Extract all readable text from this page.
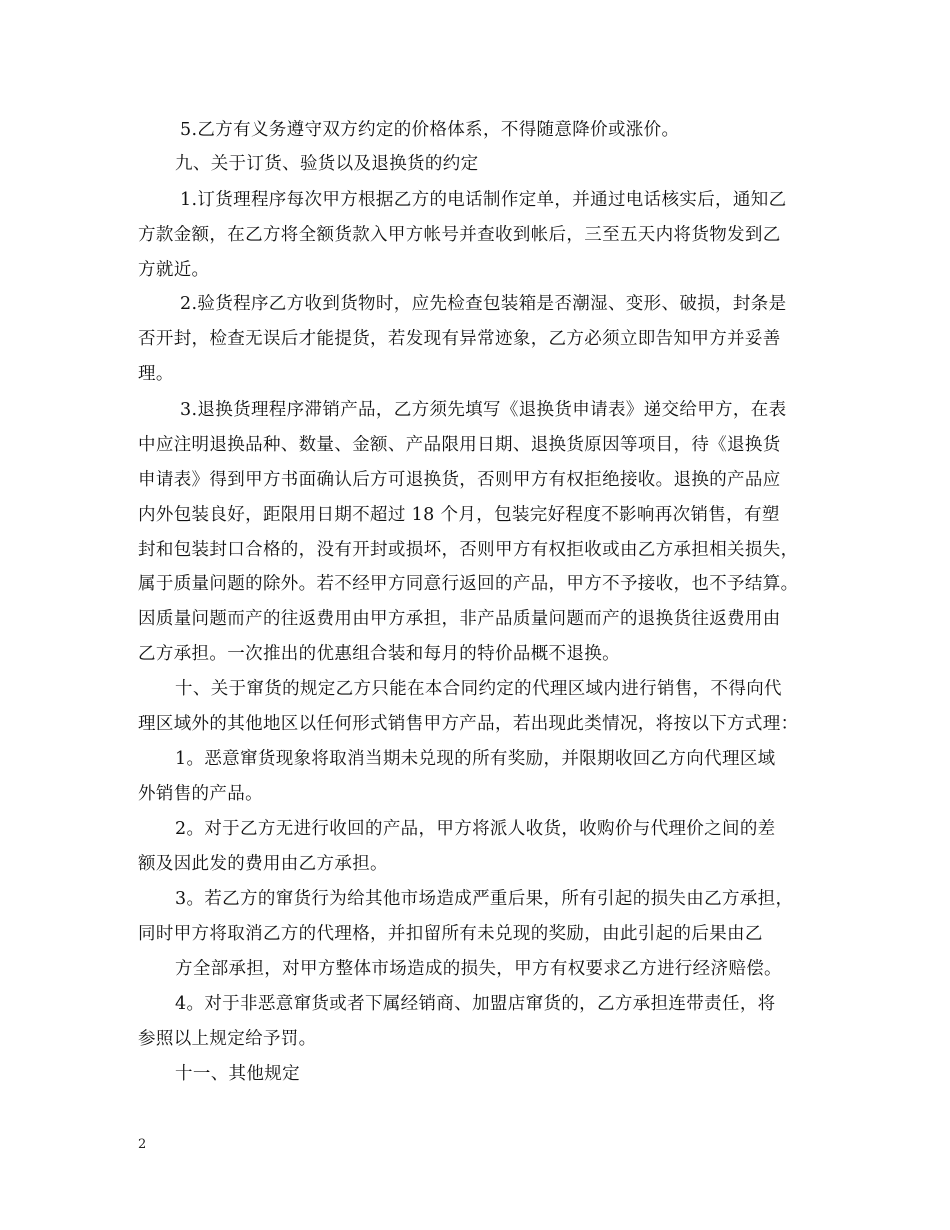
5.乙方有义务遵守双方约定的价格体系，不得随意降价或涨价。

九、关于订货、验货以及退换货的约定

1.订货理程序每次甲方根据乙方的电话制作定单，并通过电话核实后，通知乙

方款金额，在乙方将全额货款入甲方帐号并查收到帐后，三至五天内将货物发到乙

方就近。

2.验货程序乙方收到货物时，应先检查包装箱是否潮湿、变形、破损，封条是

否开封，检查无误后才能提货，若发现有异常迹象，乙方必须立即告知甲方并妥善

理。

3.退换货理程序滞销产品，乙方须先填写《退换货申请表》递交给甲方，在表

中应注明退换品种、数量、金额、产品限用日期、退换货原因等项目，待《退换货

申请表》得到甲方书面确认后方可退换货，否则甲方有权拒绝接收。退换的产品应

内外包装良好，距限用日期不超过 18 个月，包装完好程度不影响再次销售，有塑

封和包装封口合格的，没有开封或损坏，否则甲方有权拒收或由乙方承担相关损失，

属于质量问题的除外。若不经甲方同意行返回的产品，甲方不予接收，也不予结算。

因质量问题而产的往返费用由甲方承担，非产品质量问题而产的退换货往返费用由

乙方承担。一次推出的优惠组合装和每月的特价品概不退换。

十、关于窜货的规定乙方只能在本合同约定的代理区域内进行销售，不得向代

理区域外的其他地区以任何形式销售甲方产品，若出现此类情况，将按以下方式理：

1。恶意窜货现象将取消当期未兑现的所有奖励，并限期收回乙方向代理区域

外销售的产品。

2。对于乙方无进行收回的产品，甲方将派人收货，收购价与代理价之间的差

额及因此发的费用由乙方承担。

3。若乙方的窜货行为给其他市场造成严重后果，所有引起的损失由乙方承担，

同时甲方将取消乙方的代理格，并扣留所有未兑现的奖励，由此引起的后果由乙

方全部承担，对甲方整体市场造成的损失，甲方有权要求乙方进行经济赔偿。

4。对于非恶意窜货或者下属经销商、加盟店窜货的，乙方承担连带责任，将

参照以上规定给予罚。

十一、其他规定

2
